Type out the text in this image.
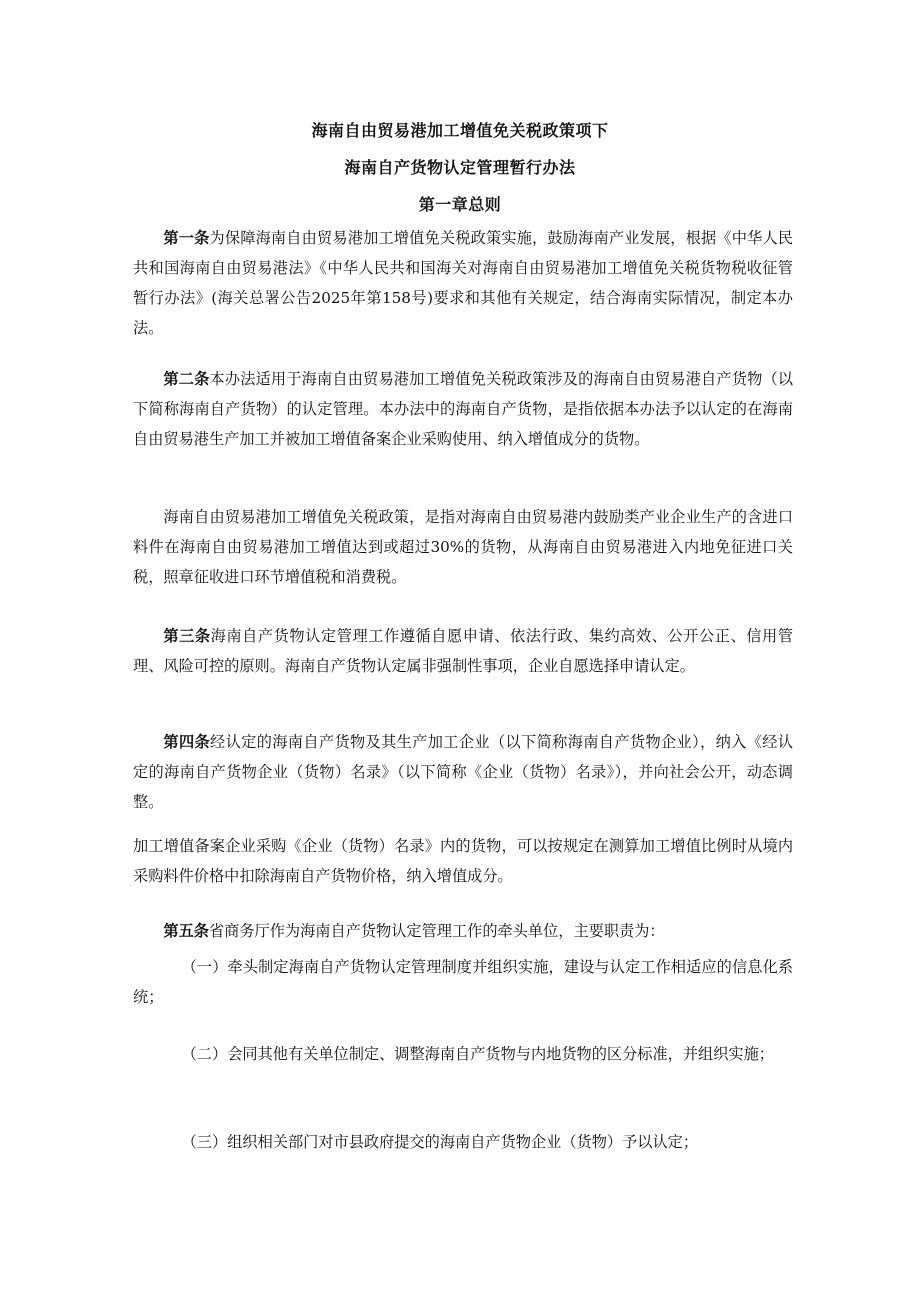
海南自由贸易港加工增值免关税政策项下
海南自产货物认定管理暂行办法
第一章总则

第一条为保障海南自由贸易港加工增值免关税政策实施，鼓励海南产业发展，根据《中华人民共和国海南自由贸易港法》《中华人民共和国海关对海南自由贸易港加工增值免关税货物税收征管暂行办法》(海关总署公告2025年第158号)要求和其他有关规定，结合海南实际情况，制定本办法。

第二条本办法适用于海南自由贸易港加工增值免关税政策涉及的海南自由贸易港自产货物（以下简称海南自产货物）的认定管理。本办法中的海南自产货物，是指依据本办法予以认定的在海南自由贸易港生产加工并被加工增值备案企业采购使用、纳入增值成分的货物。

海南自由贸易港加工增值免关税政策，是指对海南自由贸易港内鼓励类产业企业生产的含进口料件在海南自由贸易港加工增值达到或超过30%的货物，从海南自由贸易港进入内地免征进口关税，照章征收进口环节增值税和消费税。

第三条海南自产货物认定管理工作遵循自愿申请、依法行政、集约高效、公开公正、信用管理、风险可控的原则。海南自产货物认定属非强制性事项，企业自愿选择申请认定。

第四条经认定的海南自产货物及其生产加工企业（以下简称海南自产货物企业），纳入《经认定的海南自产货物企业（货物）名录》（以下简称《企业（货物）名录》），并向社会公开，动态调整。

加工增值备案企业采购《企业（货物）名录》内的货物，可以按规定在测算加工增值比例时从境内采购料件价格中扣除海南自产货物价格，纳入增值成分。

第五条省商务厅作为海南自产货物认定管理工作的牵头单位，主要职责为：

（一）牵头制定海南自产货物认定管理制度并组织实施，建设与认定工作相适应的信息化系统；

（二）会同其他有关单位制定、调整海南自产货物与内地货物的区分标准，并组织实施；

（三）组织相关部门对市县政府提交的海南自产货物企业（货物）予以认定；
